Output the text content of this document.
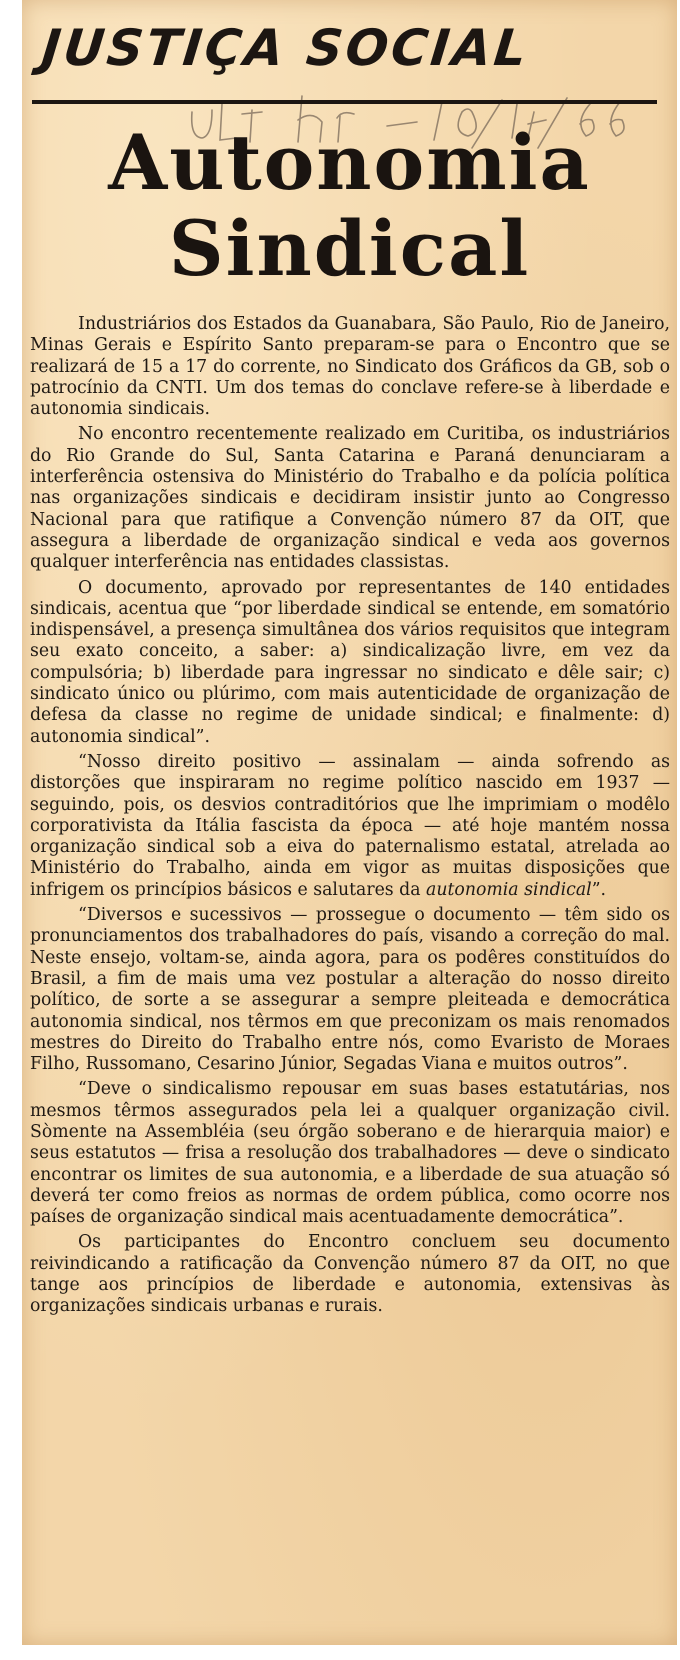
JUSTIÇA SOCIAL
Autonomia
Sindical

Industriários dos Estados da Guanabara, São Paulo, Rio de Janeiro, Minas Gerais e Espírito Santo preparam-se para o Encontro que se realizará de 15 a 17 do corrente, no Sindicato dos Gráficos da GB, sob o patrocínio da CNTI. Um dos temas do conclave refere-se à liberdade e autonomia sindicais.

No encontro recentemente realizado em Curitiba, os industriários do Rio Grande do Sul, Santa Catarina e Paraná denunciaram a interferência ostensiva do Ministério do Trabalho e da polícia política nas organizações sindicais e decidiram insistir junto ao Congresso Nacional para que ratifique a Convenção número 87 da OIT, que assegura a liberdade de organização sindical e veda aos governos qualquer interferência nas entidades classistas.

O documento, aprovado por representantes de 140 entidades sindicais, acentua que “por liberdade sindical se entende, em somatório indispensável, a presença simultânea dos vários requisitos que integram seu exato conceito, a saber: a) sindicalização livre, em vez da compulsória; b) liberdade para ingressar no sindicato e dêle sair; c) sindicato único ou plúrimo, com mais autenticidade de organização de defesa da classe no regime de unidade sindical; e finalmente: d) autonomia sindical”.

“Nosso direito positivo — assinalam — ainda sofrendo as distorções que inspiraram no regime político nascido em 1937 — seguindo, pois, os desvios contraditórios que lhe imprimiam o modêlo corporativista da Itália fascista da época — até hoje mantém nossa organização sindical sob a eiva do paternalismo estatal, atrelada ao Ministério do Trabalho, ainda em vigor as muitas disposições que infrigem os princípios básicos e salutares da autonomia sindical”.

“Diversos e sucessivos — prossegue o documento — têm sido os pronunciamentos dos trabalhadores do país, visando a correção do mal. Neste ensejo, voltam-se, ainda agora, para os podêres constituídos do Brasil, a fim de mais uma vez postular a alteração do nosso direito político, de sorte a se assegurar a sempre pleiteada e democrática autonomia sindical, nos têrmos em que preconizam os mais renomados mestres do Direito do Trabalho entre nós, como Evaristo de Moraes Filho, Russomano, Cesarino Júnior, Segadas Viana e muitos outros”.

“Deve o sindicalismo repousar em suas bases estatutárias, nos mesmos têrmos assegurados pela lei a qualquer organização civil. Sòmente na Assembléia (seu órgão soberano e de hierarquia maior) e seus estatutos — frisa a resolução dos trabalhadores — deve o sindicato encontrar os limites de sua autonomia, e a liberdade de sua atuação só deverá ter como freios as normas de ordem pública, como ocorre nos países de organização sindical mais acentuadamente democrática”.

Os participantes do Encontro concluem seu documento reivindicando a ratificação da Convenção número 87 da OIT, no que tange aos princípios de liberdade e autonomia, extensivas às organizações sindicais urbanas e rurais.
